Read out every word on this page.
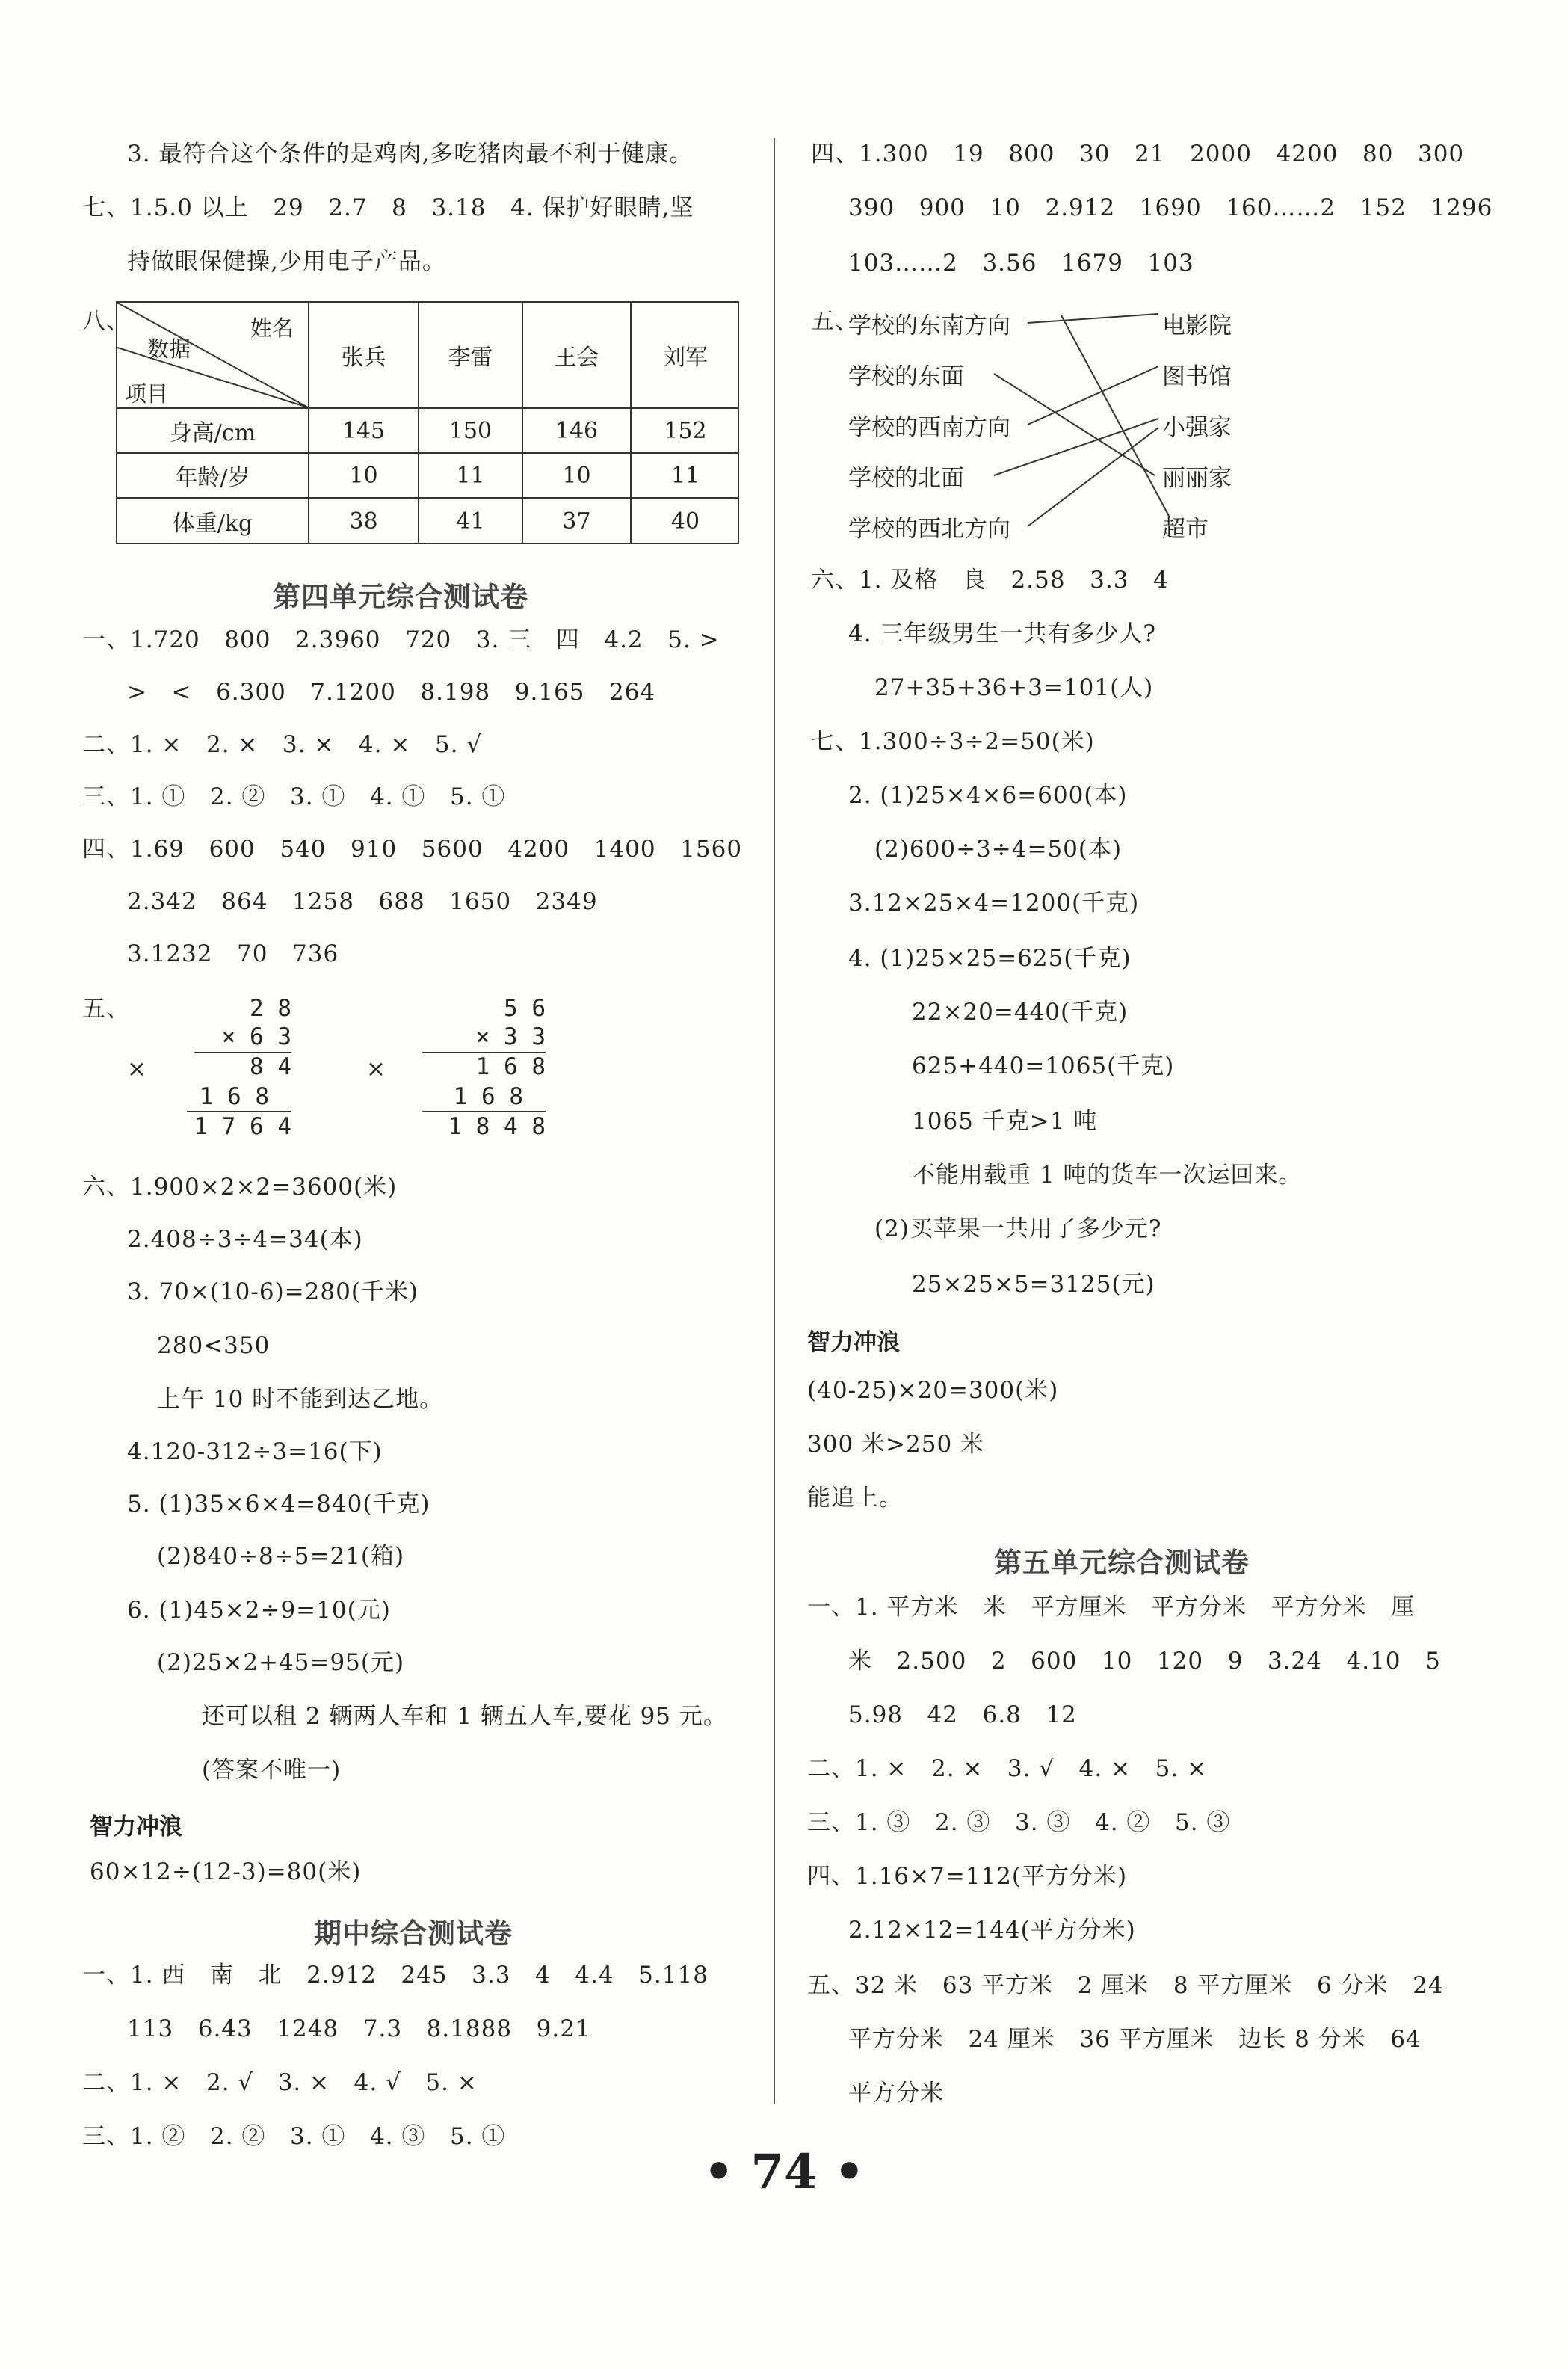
3. 最符合这个条件的是鸡肉,多吃猪肉最不利于健康。
七、1.5.0 以上   29   2.7   8   3.18   4. 保护好眼睛,坚
持做眼保健操,少用电子产品。
八、	姓名
数据
项目
张兵	李雷	王会	刘军
身高/cm	145	150	146	152
年龄/岁	10	11	10	11
体重/kg	38	41	37	40
第四单元综合测试卷
一、1.720   800   2.3960   720   3. 三   四   4.2   5. >
>   <   6.300   7.1200   8.198   9.165   264
二、1. ×   2. ×   3. ×   4. ×   5. √
三、1. ①   2. ②   3. ①   4. ①   5. ①
四、1.69   600   540   910   5600   4200   1400   1560
2.342   864   1258   688   1650   2349
3.1232   70   736
五、
×	×
2 8
× 6 3
8 4
1 6 8
1 7 6 4
5 6
× 3 3
1 6 8
1 6 8
1 8 4 8
六、1.900×2×2=3600(米)
2.408÷3÷4=34(本)
3. 70×(10-6)=280(千米)
280<350
上午 10 时不能到达乙地。
4.120-312÷3=16(下)
5. (1)35×6×4=840(千克)
(2)840÷8÷5=21(箱)
6. (1)45×2÷9=10(元)
(2)25×2+45=95(元)
还可以租 2 辆两人车和 1 辆五人车,要花 95 元。
(答案不唯一)
智力冲浪
60×12÷(12-3)=80(米)
期中综合测试卷
一、1. 西   南   北   2.912   245   3.3   4   4.4   5.118
113   6.43   1248   7.3   8.1888   9.21
二、1. ×   2. √   3. ×   4. √   5. ×
三、1. ②   2. ②   3. ①   4. ③   5. ①
四、1.300   19   800   30   21   2000   4200   80   300
390   900   10   2.912   1690   160……2   152   1296
103……2   3.56   1679   103
五、
学校的东南方向
学校的东面
学校的西南方向
学校的北面
学校的西北方向
电影院
图书馆
小强家
丽丽家
超市
六、1. 及格   良   2.58   3.3   4
4. 三年级男生一共有多少人?
27+35+36+3=101(人)
七、1.300÷3÷2=50(米)
2. (1)25×4×6=600(本)
(2)600÷3÷4=50(本)
3.12×25×4=1200(千克)
4. (1)25×25=625(千克)
22×20=440(千克)
625+440=1065(千克)
1065 千克>1 吨
不能用载重 1 吨的货车一次运回来。
(2)买苹果一共用了多少元?
25×25×5=3125(元)
智力冲浪
(40-25)×20=300(米)
300 米>250 米
能追上。
第五单元综合测试卷
一、1. 平方米   米   平方厘米   平方分米   平方分米   厘
米   2.500   2   600   10   120   9   3.24   4.10   5
5.98   42   6.8   12
二、1. ×   2. ×   3. √   4. ×   5. ×
三、1. ③   2. ③   3. ③   4. ②   5. ③
四、1.16×7=112(平方分米)
2.12×12=144(平方分米)
五、32 米   63 平方米   2 厘米   8 平方厘米   6 分米   24
平方分米   24 厘米   36 平方厘米   边长 8 分米   64
平方分米
• 74 •
